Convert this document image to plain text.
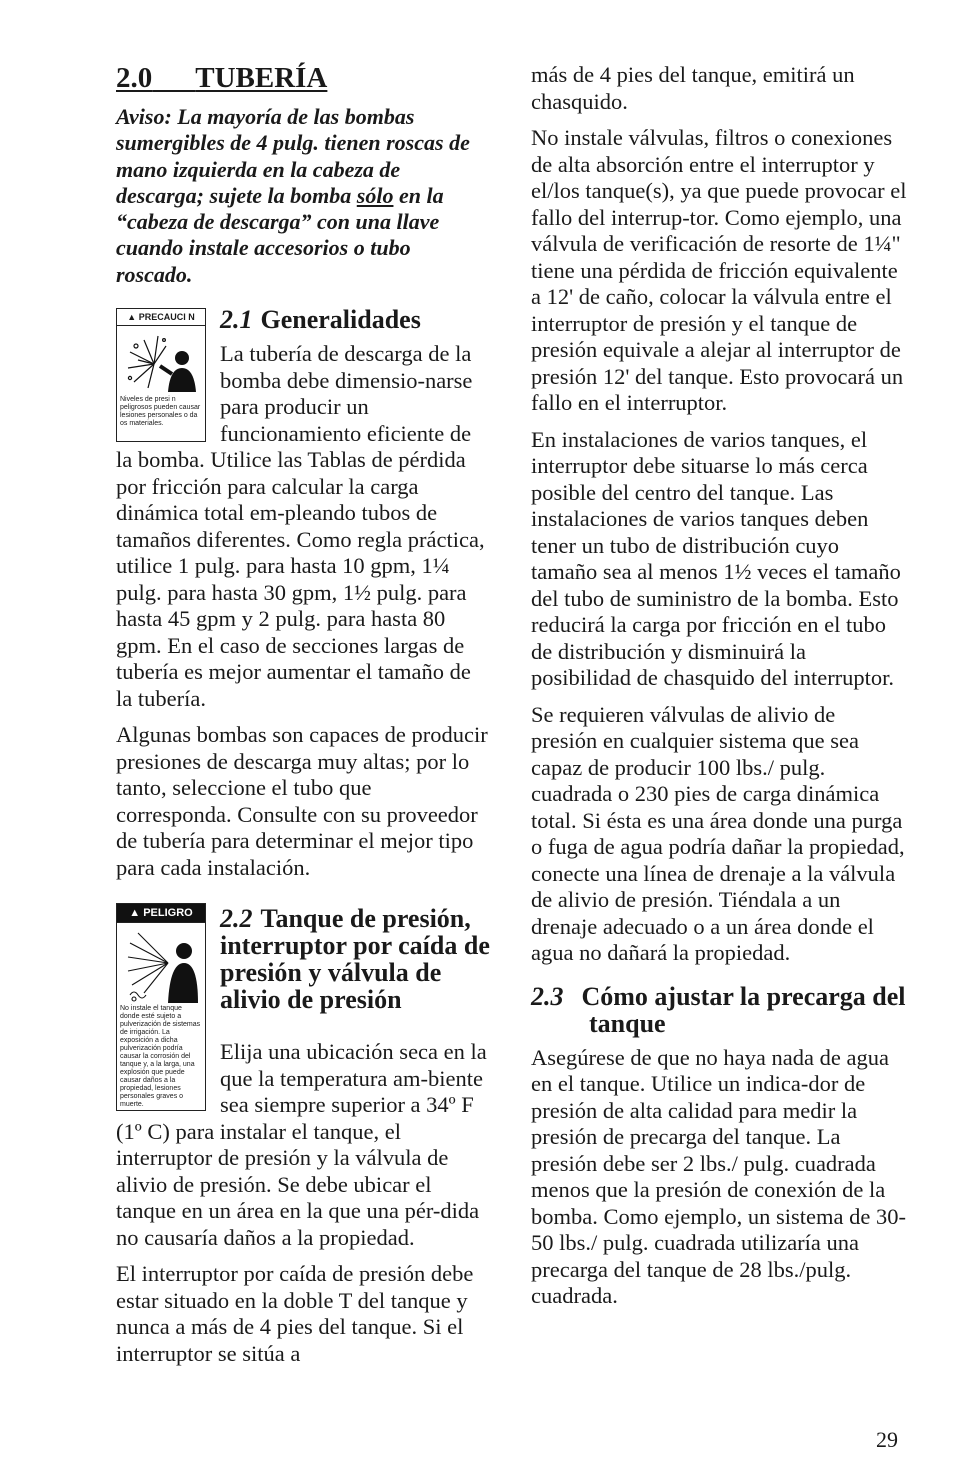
2.0 TUBERÍA

Aviso: La mayoría de las bombas sumergibles de 4 pulg. tienen roscas de mano izquierda en la cabeza de descarga; sujete la bomba sólo en la “cabeza de descarga” con una llave cuando instale accesorios o tubo roscado.

▲ PRECAUCI N
Niveles de presi n peligrosos pueden causar lesiones personales o da os materiales.
2.1 Generalidades

La tubería de descarga de la bomba debe dimensio-narse para producir un funcionamiento eficiente de la bomba. Utilice las Tablas de pérdida por fricción para calcular la carga dinámica total em-pleando tubos de tamaños diferentes. Como regla práctica, utilice 1 pulg. para hasta 10 gpm, 1¼ pulg. para hasta 30 gpm, 1½ pulg. para hasta 45 gpm y 2 pulg. para hasta 80 gpm. En el caso de secciones largas de tubería es mejor aumentar el tamaño de la tubería.

Algunas bombas son capaces de producir presiones de descarga muy altas; por lo tanto, seleccione el tubo que corresponda. Consulte con su proveedor de tubería para determinar el mejor tipo para cada instalación.

▲ PELIGRO
No instale el tanque donde esté sujeto a pulverización de sistemas de irrigación. La exposición a dicha pulverización podría causar la corrosión del tanque y, a la larga, una explosión que puede causar daños a la propiedad, lesiones personales graves o muerte.
2.2 Tanque de presión, interruptor por caída de presión y válvula de alivio de presión

Elija una ubicación seca en la que la temperatura am-biente sea siempre superior a 34º F (1º C) para instalar el tanque, el interruptor de presión y la válvula de alivio de presión. Se debe ubicar el tanque en un área en la que una pér-dida no causaría daños a la propiedad.

El interruptor por caída de presión debe estar situado en la doble T del tanque y nunca a más de 4 pies del tanque. Si el interruptor se sitúa a

más de 4 pies del tanque, emitirá un chasquido.

No instale válvulas, filtros o conexiones de alta absorción entre el interruptor y el/los tanque(s), ya que puede provocar el fallo del interrup-tor. Como ejemplo, una válvula de verificación de resorte de 1¼" tiene una pérdida de fricción equivalente a 12' de caño, colocar la válvula entre el interruptor de presión y el tanque de presión equivale a alejar al interruptor de presión 12' del tanque. Esto provocará un fallo en el interruptor.

En instalaciones de varios tanques, el interruptor debe situarse lo más cerca posible del centro del tanque. Las instalaciones de varios tanques deben tener un tubo de distribución cuyo tamaño sea al menos 1½ veces el tamaño del tubo de suministro de la bomba. Esto reducirá la carga por fricción en el tubo de distribución y disminuirá la posibilidad de chasquido del interruptor.

Se requieren válvulas de alivio de presión en cualquier sistema que sea capaz de producir 100 lbs./ pulg. cuadrada o 230 pies de carga dinámica total. Si ésta es una área donde una purga o fuga de agua podría dañar la propiedad, conecte una línea de drenaje a la válvula de alivio de presión. Tiéndala a un drenaje adecuado o a un área donde el agua no dañará la propiedad.

2.3 Cómo ajustar la precarga del tanque

Asegúrese de que no haya nada de agua en el tanque. Utilice un indica-dor de presión de alta calidad para medir la presión de precarga del tanque. La presión debe ser 2 lbs./ pulg. cuadrada menos que la presión de conexión de la bomba. Como ejemplo, un sistema de 30-50 lbs./ pulg. cuadrada utilizaría una precarga del tanque de 28 lbs./pulg. cuadrada.

29
